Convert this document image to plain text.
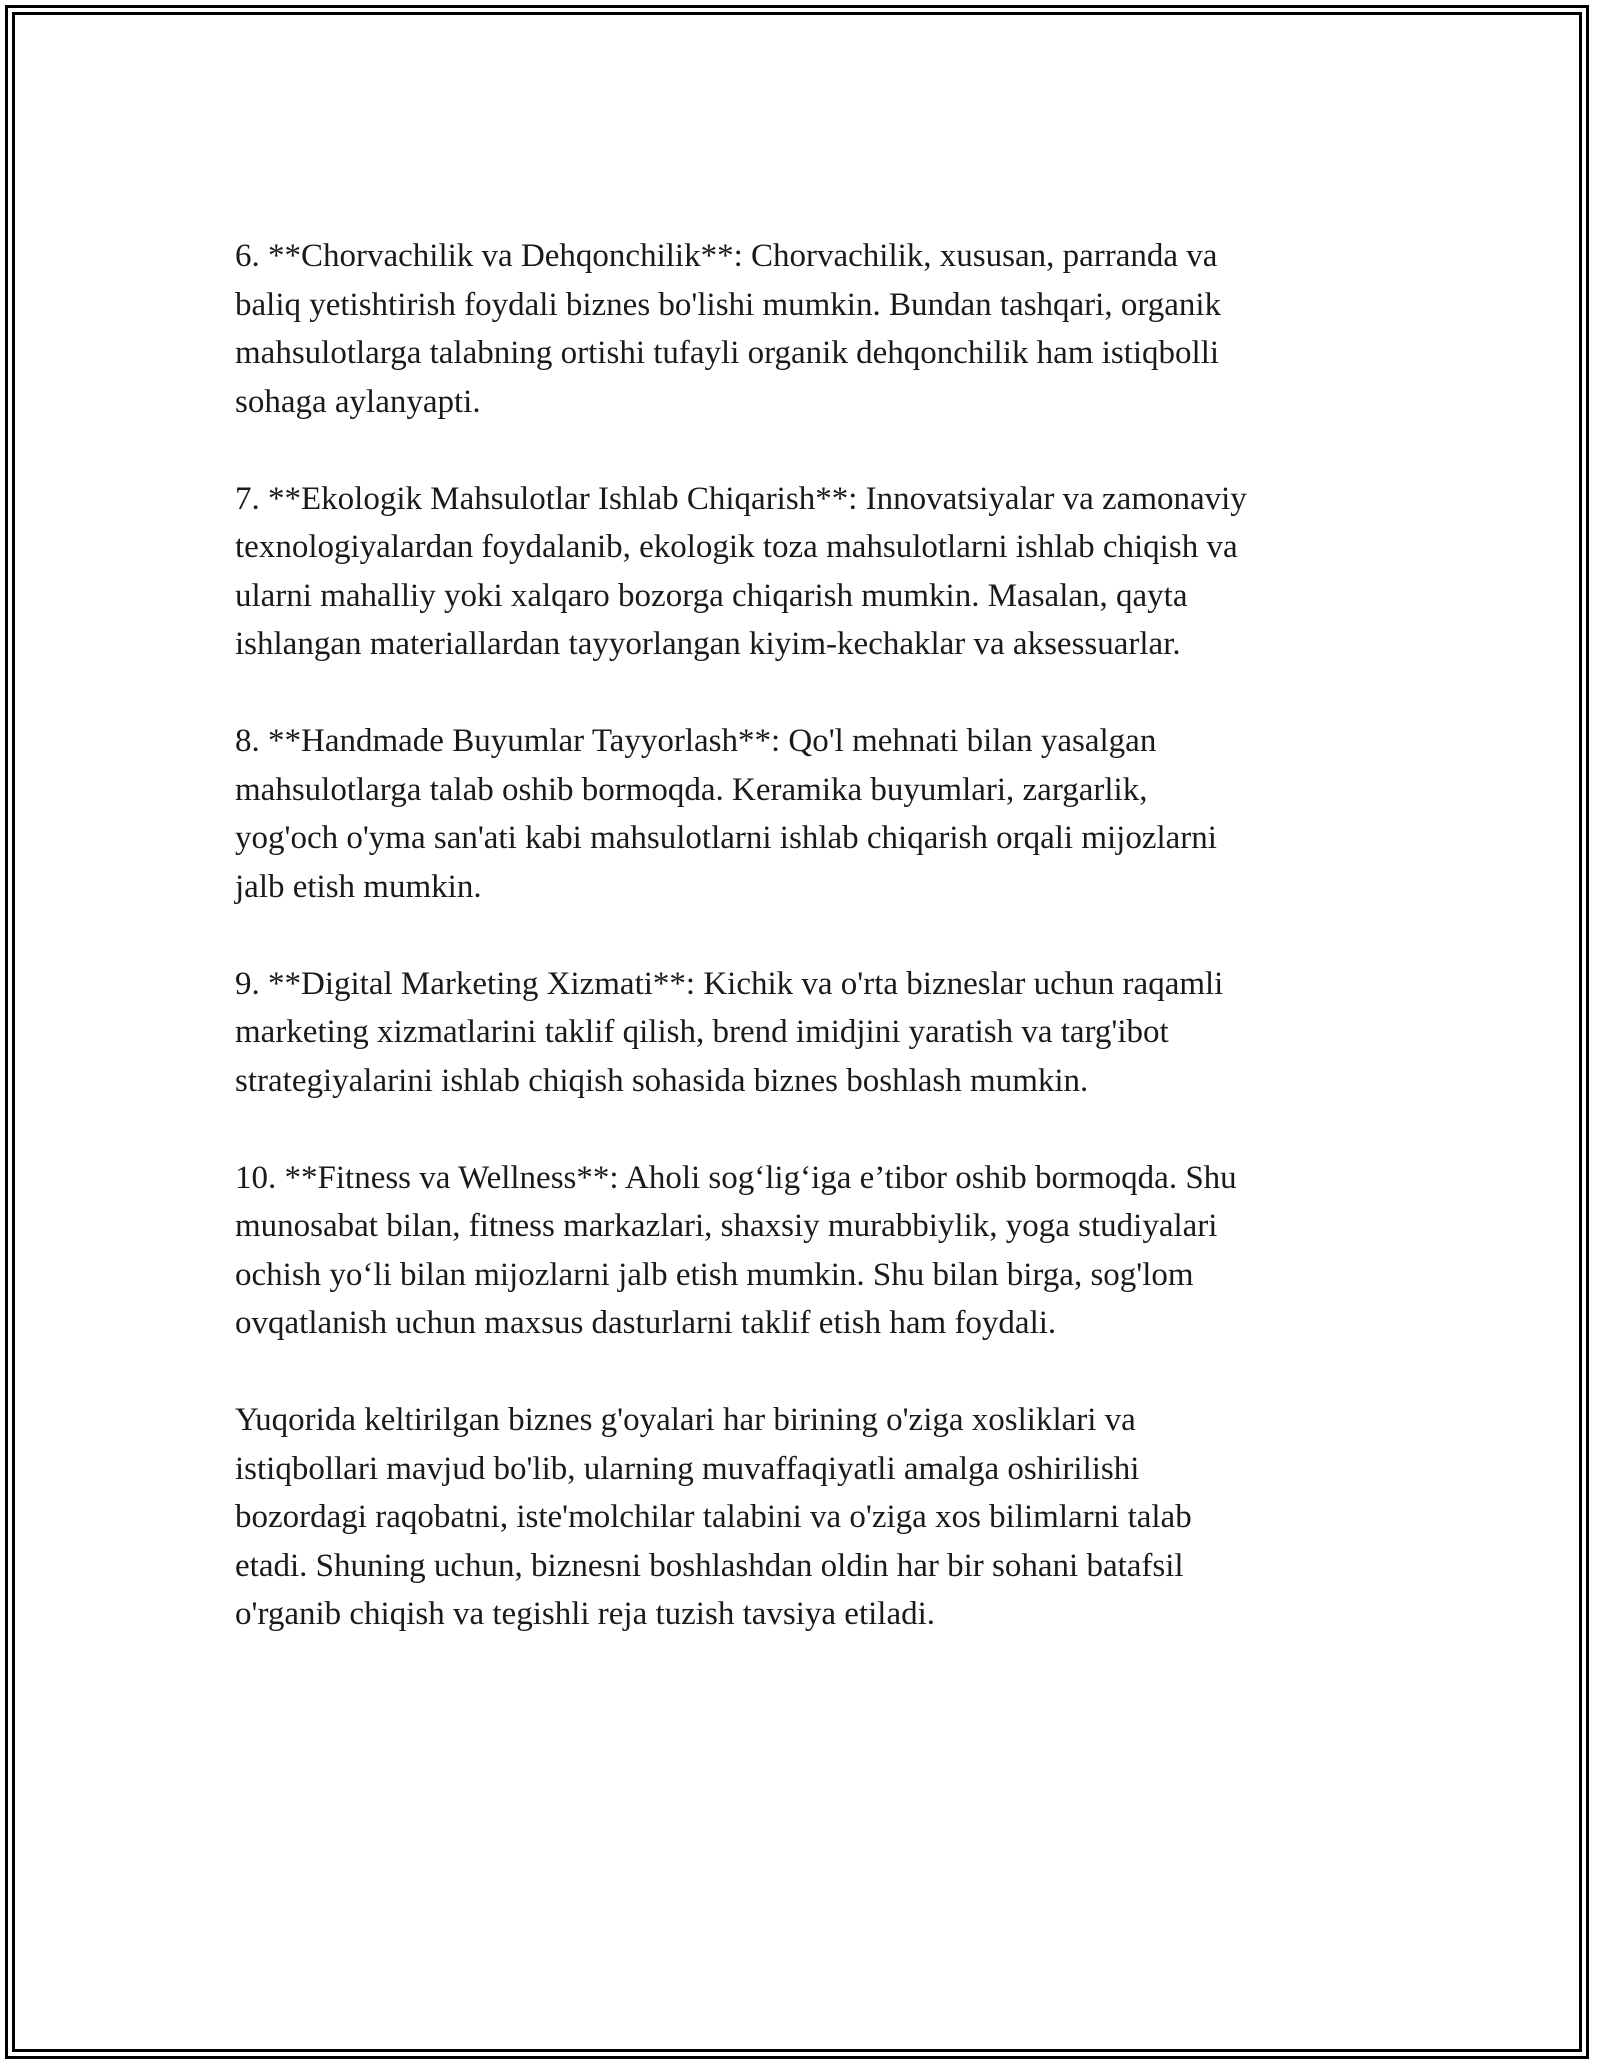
6. **Chorvachilik va Dehqonchilik**: Chorvachilik, xususan, parranda va
baliq yetishtirish foydali biznes bo'lishi mumkin. Bundan tashqari, organik
mahsulotlarga talabning ortishi tufayli organik dehqonchilik ham istiqbolli
sohaga aylanyapti.

7. **Ekologik Mahsulotlar Ishlab Chiqarish**: Innovatsiyalar va zamonaviy
texnologiyalardan foydalanib, ekologik toza mahsulotlarni ishlab chiqish va
ularni mahalliy yoki xalqaro bozorga chiqarish mumkin. Masalan, qayta
ishlangan materiallardan tayyorlangan kiyim-kechaklar va aksessuarlar.

8. **Handmade Buyumlar Tayyorlash**: Qo'l mehnati bilan yasalgan
mahsulotlarga talab oshib bormoqda. Keramika buyumlari, zargarlik,
yog'och o'yma san'ati kabi mahsulotlarni ishlab chiqarish orqali mijozlarni
jalb etish mumkin.

9. **Digital Marketing Xizmati**: Kichik va o'rta bizneslar uchun raqamli
marketing xizmatlarini taklif qilish, brend imidjini yaratish va targ'ibot
strategiyalarini ishlab chiqish sohasida biznes boshlash mumkin.

10. **Fitness va Wellness**: Aholi sog‘lig‘iga e’tibor oshib bormoqda. Shu
munosabat bilan, fitness markazlari, shaxsiy murabbiylik, yoga studiyalari
ochish yo‘li bilan mijozlarni jalb etish mumkin. Shu bilan birga, sog'lom
ovqatlanish uchun maxsus dasturlarni taklif etish ham foydali.

Yuqorida keltirilgan biznes g'oyalari har birining o'ziga xosliklari va
istiqbollari mavjud bo'lib, ularning muvaffaqiyatli amalga oshirilishi
bozordagi raqobatni, iste'molchilar talabini va o'ziga xos bilimlarni talab
etadi. Shuning uchun, biznesni boshlashdan oldin har bir sohani batafsil
o'rganib chiqish va tegishli reja tuzish tavsiya etiladi.
